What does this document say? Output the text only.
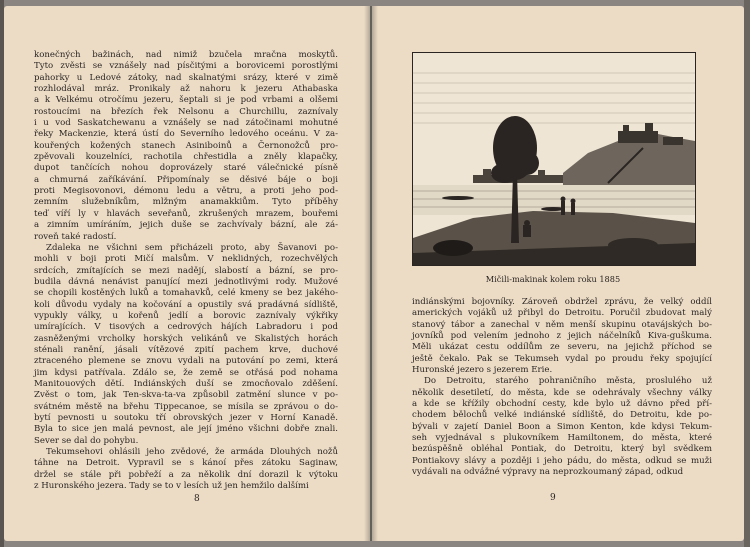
konečných bažinách, nad nimiž bzučela mračna moskytů.

Tyto zvěsti se vznášely nad písčitými a borovicemi porostlými

pahorky u Ledové zátoky, nad skalnatými srázy, které v zimě

rozhlodával mráz. Pronikaly až nahoru k jezeru Athabaska

a k Velkému otročímu jezeru, šeptali si je pod vrbami a olšemi

rostoucími na březích řek Nelsonu a Churchillu, zaznívaly

i u vod Saskatchewanu a vznášely se nad zátočinami mohutné

řeky Mackenzie, která ústí do Severního ledového oceánu. V za-

kouřených kožených stanech Asiniboinů a Černonožců pro-

zpěvovali kouzelníci, rachotila chřestidla a zněly klapačky,

dupot tančících nohou doprovázely staré válečnické písně

a chmurná zaříkávání. Připomínaly se děsivé báje o boji

proti Megisovonovi, démonu ledu a větru, a proti jeho pod-

zemním služebníkům, mlžným anamakkiům. Tyto příběhy

teď víří ly v hlavách seveřanů, zkrušených mrazem, bouřemi

a zimním umíráním, jejich duše se zachvívaly bázní, ale zá-

roveň také radostí.

Zdaleka ne všichni sem přicházeli proto, aby Šavanovi po-

mohli v boji proti Mičí malsům. V neklidných, rozechvělých

srdcích, zmítajících se mezi nadějí, slabostí a bázní, se pro-

budila dávná nenávist panující mezi jednotlivými rody. Mužové

se chopili kostěných luků a tomahavků, celé kmeny se bez jakého-

koli důvodu vydaly na kočování a opustily svá pradávná sídliště,

vypukly války, u kořenů jedlí a borovic zaznívaly výkřiky

umírajících. V tisových a cedrových hájích Labradoru i pod

zasněženými vrcholky horských velikánů ve Skalistých horách

sténali ranění, jásali vítězové zpití pachem krve, duchové

ztraceného plemene se znovu vydali na putování po zemi, která

jim kdysi patřívala. Zdálo se, že země se otřásá pod nohama

Manitouových dětí. Indiánských duší se zmocňovalo zděšení.

Zvěst o tom, jak Ten-skva-ta-va způsobil zatmění slunce v po-

svátném městě na břehu Tippecanoe, se mísila se zprávou o do-

bytí pevnosti u soutoku tří obrovských jezer v Horní Kanadě.

Byla to sice jen malá pevnost, ale její jméno všichni dobře znali.

Sever se dal do pohybu.

Tekumsehovi ohlásili jeho zvědové, že armáda Dlouhých nožů

táhne na Detroit. Vypravil se s kánoí přes zátoku Saginaw,

držel se stále při pobřeží a za několik dní dorazil k výtoku

z Huronského jezera. Tady se to v lesích už jen hemžilo dalšími

8
Mičili-makinak kolem roku 1885

indiánskými bojovníky. Zároveň obdržel zprávu, že velký oddíl

amerických vojáků už přibyl do Detroitu. Poručil zbudovat malý

stanový tábor a zanechal v něm menší skupinu otavájských bo-

jovníků pod velením jednoho z jejich náčelníků Kiva-guškuma.

Měli ukázat cestu oddílům ze severu, na jejichž příchod se

ještě čekalo. Pak se Tekumseh vydal po proudu řeky spojující

Huronské jezero s jezerem Erie.

Do Detroitu, starého pohraničního města, proslulého už

několik desetiletí, do města, kde se odehrávaly všechny války

a kde se křížily obchodní cesty, kde bylo už dávno před pří-

chodem bělochů velké indiánské sídliště, do Detroitu, kde po-

bývali v zajetí Daniel Boon a Simon Kenton, kde kdysi Tekum-

seh vyjednával s plukovníkem Hamiltonem, do města, které

bezúspěšně obléhal Pontiak, do Detroitu, který byl svědkem

Pontiakovy slávy a později i jeho pádu, do města, odkud se muži

vydávali na odvážné výpravy na neprozkoumaný západ, odkud

9
